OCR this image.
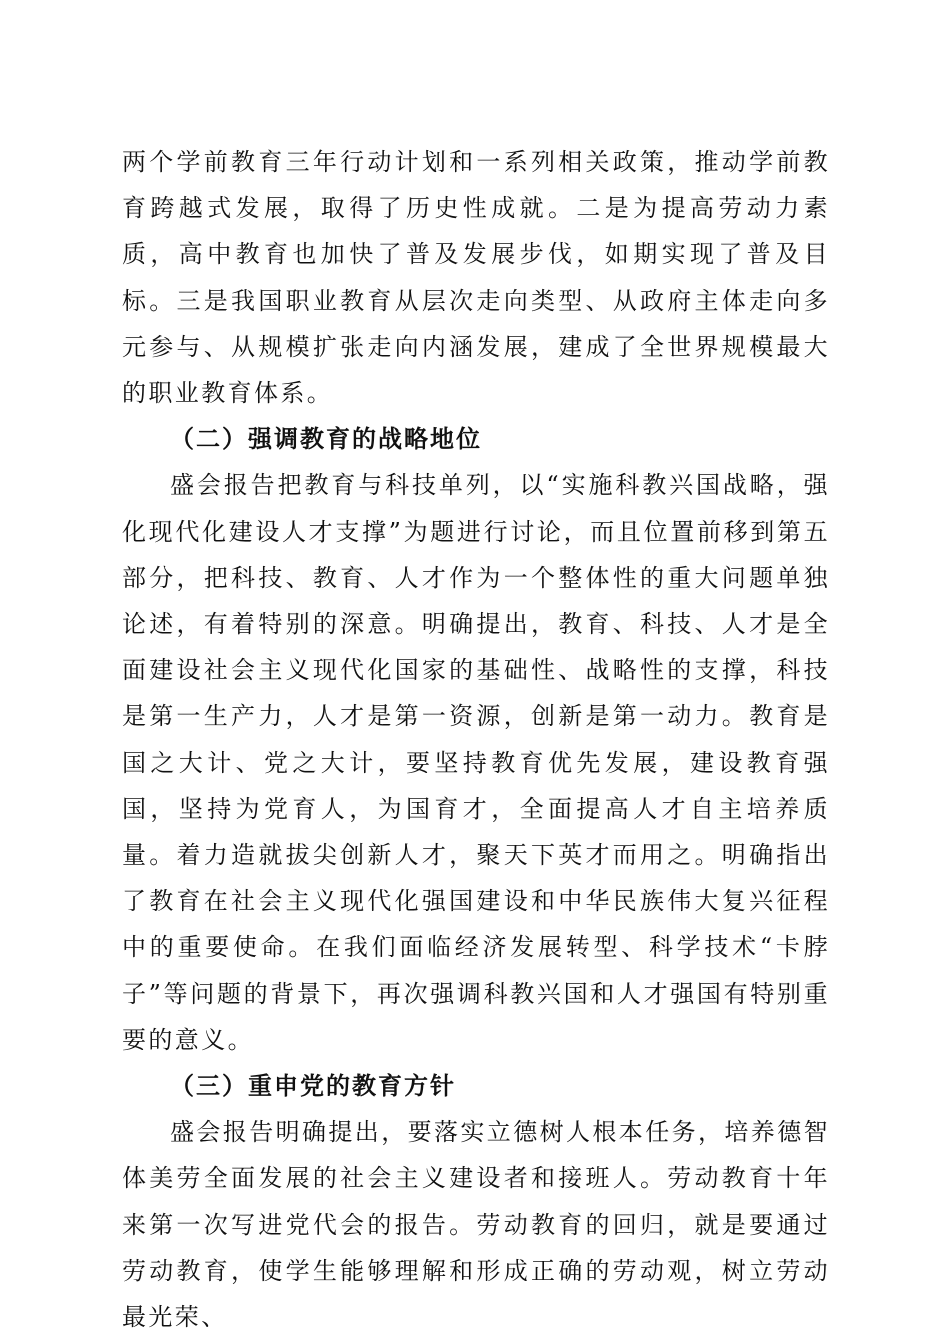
两个学前教育三年行动计划和一系列相关政策，推动学前教育跨越式发展，取得了历史性成就。二是为提高劳动力素质，高中教育也加快了普及发展步伐，如期实现了普及目标。三是我国职业教育从层次走向类型、从政府主体走向多元参与、从规模扩张走向内涵发展，建成了全世界规模最大的职业教育体系。

（二）强调教育的战略地位

盛会报告把教育与科技单列，以“实施科教兴国战略，强化现代化建设人才支撑”为题进行讨论，而且位置前移到第五部分，把科技、教育、人才作为一个整体性的重大问题单独论述，有着特别的深意。明确提出，教育、科技、人才是全面建设社会主义现代化国家的基础性、战略性的支撑，科技是第一生产力，人才是第一资源，创新是第一动力。教育是国之大计、党之大计，要坚持教育优先发展，建设教育强国，坚持为党育人，为国育才，全面提高人才自主培养质量。着力造就拔尖创新人才，聚天下英才而用之。明确指出了教育在社会主义现代化强国建设和中华民族伟大复兴征程中的重要使命。在我们面临经济发展转型、科学技术“卡脖子”等问题的背景下，再次强调科教兴国和人才强国有特别重要的意义。

（三）重申党的教育方针

盛会报告明确提出，要落实立德树人根本任务，培养德智体美劳全面发展的社会主义建设者和接班人。劳动教育十年来第一次写进党代会的报告。劳动教育的回归，就是要通过劳动教育，使学生能够理解和形成正确的劳动观，树立劳动最光荣、
